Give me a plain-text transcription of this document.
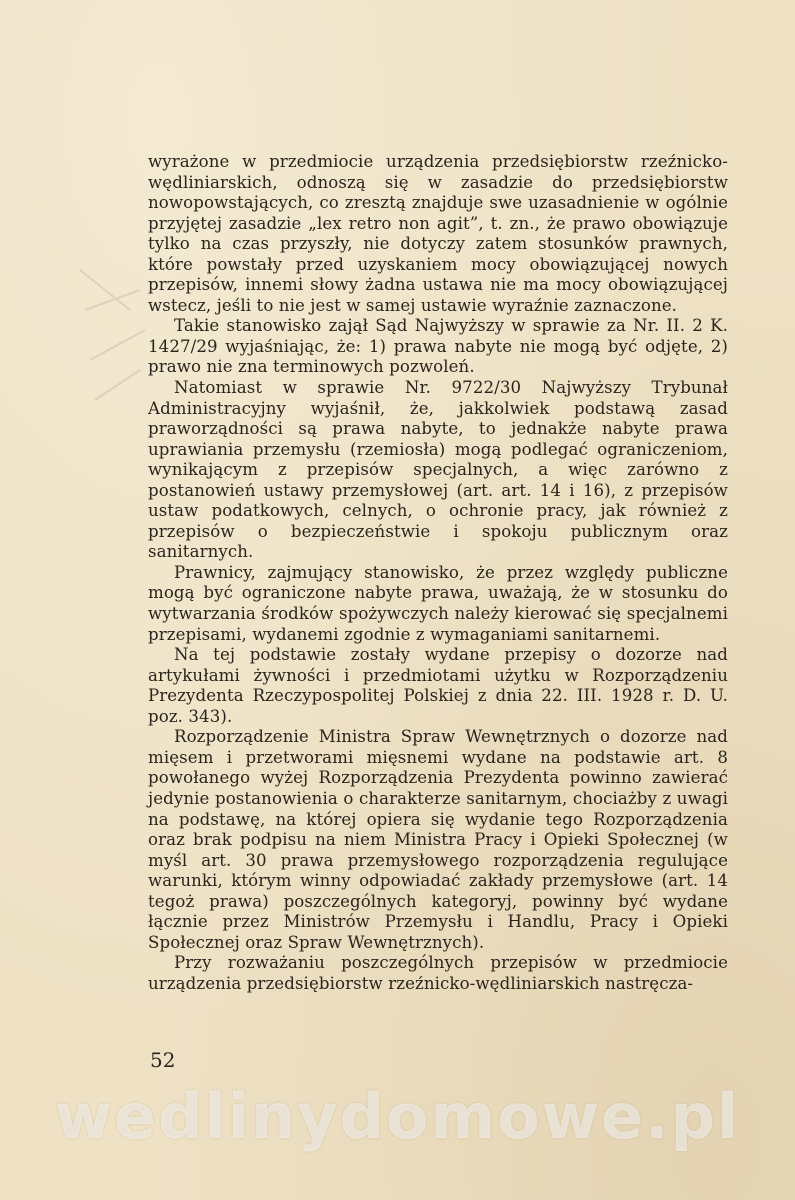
wyrażone w przedmiocie urządzenia przedsiębiorstw rzeźnicko-wędliniarskich, odnoszą się w zasadzie do przedsiębiorstw nowopowstających, co zresztą znajduje swe uzasadnienie w ogólnie przyjętej zasadzie „lex retro non agit”, t. zn., że prawo obowiązuje tylko na czas przyszły, nie dotyczy zatem stosunków prawnych, które powstały przed uzyskaniem mocy obowiązującej nowych przepisów, innemi słowy żadna ustawa nie ma mocy obowiązującej wstecz, jeśli to nie jest w samej ustawie wyraźnie zaznaczone.

Takie stanowisko zajął Sąd Najwyższy w sprawie za Nr. II. 2 K. 1427/29 wyjaśniając, że: 1) prawa nabyte nie mogą być odjęte, 2) prawo nie zna terminowych pozwoleń.

Natomiast w sprawie Nr. 9722/30 Najwyższy Trybunał Administracyjny wyjaśnił, że, jakkolwiek podstawą zasad praworządności są prawa nabyte, to jednakże nabyte prawa uprawiania przemysłu (rzemiosła) mogą podlegać ograniczeniom, wynikającym z przepisów specjalnych, a więc zarówno z postanowień ustawy przemysłowej (art. art. 14 i 16), z przepisów ustaw podatkowych, celnych, o ochronie pracy, jak również z przepisów o bezpieczeństwie i spokoju publicznym oraz sanitarnych.

Prawnicy, zajmujący stanowisko, że przez względy publiczne mogą być ograniczone nabyte prawa, uważają, że w stosunku do wytwarzania środków spożywczych należy kierować się specjalnemi przepisami, wydanemi zgodnie z wymaganiami sanitarnemi.

Na tej podstawie zostały wydane przepisy o dozorze nad artykułami żywności i przedmiotami użytku w Rozporządzeniu Prezydenta Rzeczypospolitej Polskiej z dnia 22. III. 1928 r. D. U. poz. 343).

Rozporządzenie Ministra Spraw Wewnętrznych o dozorze nad mięsem i przetworami mięsnemi wydane na podstawie art. 8 powołanego wyżej Rozporządzenia Prezydenta powinno zawierać jedynie postanowienia o charakterze sanitarnym, chociażby z uwagi na podstawę, na której opiera się wydanie tego Rozporządzenia oraz brak podpisu na niem Ministra Pracy i Opieki Społecznej (w myśl art. 30 prawa przemysłowego rozporządzenia regulujące warunki, którym winny odpowiadać zakłady przemysłowe (art. 14 tegoż prawa) poszczególnych kategoryj, powinny być wydane łącznie przez Ministrów Przemysłu i Handlu, Pracy i Opieki Społecznej oraz Spraw Wewnętrznych).

Przy rozważaniu poszczególnych przepisów w przedmiocie urządzenia przedsiębiorstw rzeźnicko-wędliniarskich nastręcza-

52
wedlinydomowe.pl
